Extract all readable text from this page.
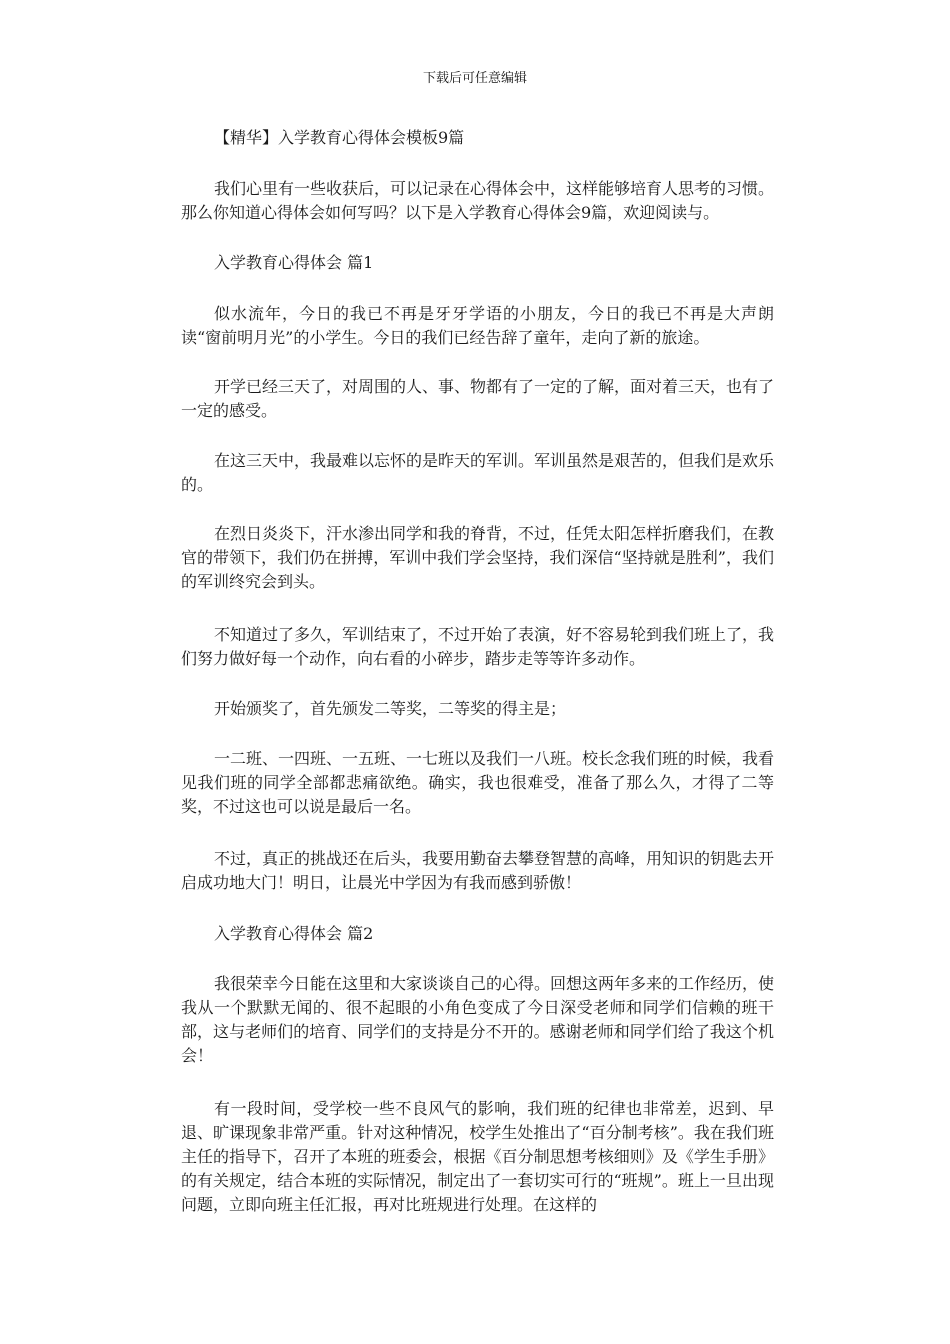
下载后可任意编辑
【精华】入学教育心得体会模板9篇
我们心里有一些收获后，可以记录在心得体会中，这样能够培育人思考的习惯。那么你知道心得体会如何写吗？以下是入学教育心得体会9篇，欢迎阅读与。
入学教育心得体会 篇1
似水流年，今日的我已不再是牙牙学语的小朋友，今日的我已不再是大声朗读“窗前明月光”的小学生。今日的我们已经告辞了童年，走向了新的旅途。
开学已经三天了，对周围的人、事、物都有了一定的了解，面对着三天，也有了一定的感受。
在这三天中，我最难以忘怀的是昨天的军训。军训虽然是艰苦的，但我们是欢乐的。
在烈日炎炎下，汗水渗出同学和我的脊背，不过，任凭太阳怎样折磨我们，在教官的带领下，我们仍在拼搏，军训中我们学会坚持，我们深信“坚持就是胜利”，我们的军训终究会到头。
不知道过了多久，军训结束了，不过开始了表演，好不容易轮到我们班上了，我们努力做好每一个动作，向右看的小碎步，踏步走等等许多动作。
开始颁奖了，首先颁发二等奖，二等奖的得主是；
一二班、一四班、一五班、一七班以及我们一八班。校长念我们班的时候，我看见我们班的同学全部都悲痛欲绝。确实，我也很难受，准备了那么久，才得了二等奖，不过这也可以说是最后一名。
不过，真正的挑战还在后头，我要用勤奋去攀登智慧的高峰，用知识的钥匙去开启成功地大门！明日，让晨光中学因为有我而感到骄傲！
入学教育心得体会 篇2
我很荣幸今日能在这里和大家谈谈自己的心得。回想这两年多来的工作经历，使我从一个默默无闻的、很不起眼的小角色变成了今日深受老师和同学们信赖的班干部，这与老师们的培育、同学们的支持是分不开的。感谢老师和同学们给了我这个机会！
有一段时间，受学校一些不良风气的影响，我们班的纪律也非常差，迟到、早退、旷课现象非常严重。针对这种情况，校学生处推出了“百分制考核”。我在我们班主任的指导下，召开了本班的班委会，根据《百分制思想考核细则》及《学生手册》的有关规定，结合本班的实际情况，制定出了一套切实可行的“班规”。班上一旦出现问题，立即向班主任汇报，再对比班规进行处理。在这样的
